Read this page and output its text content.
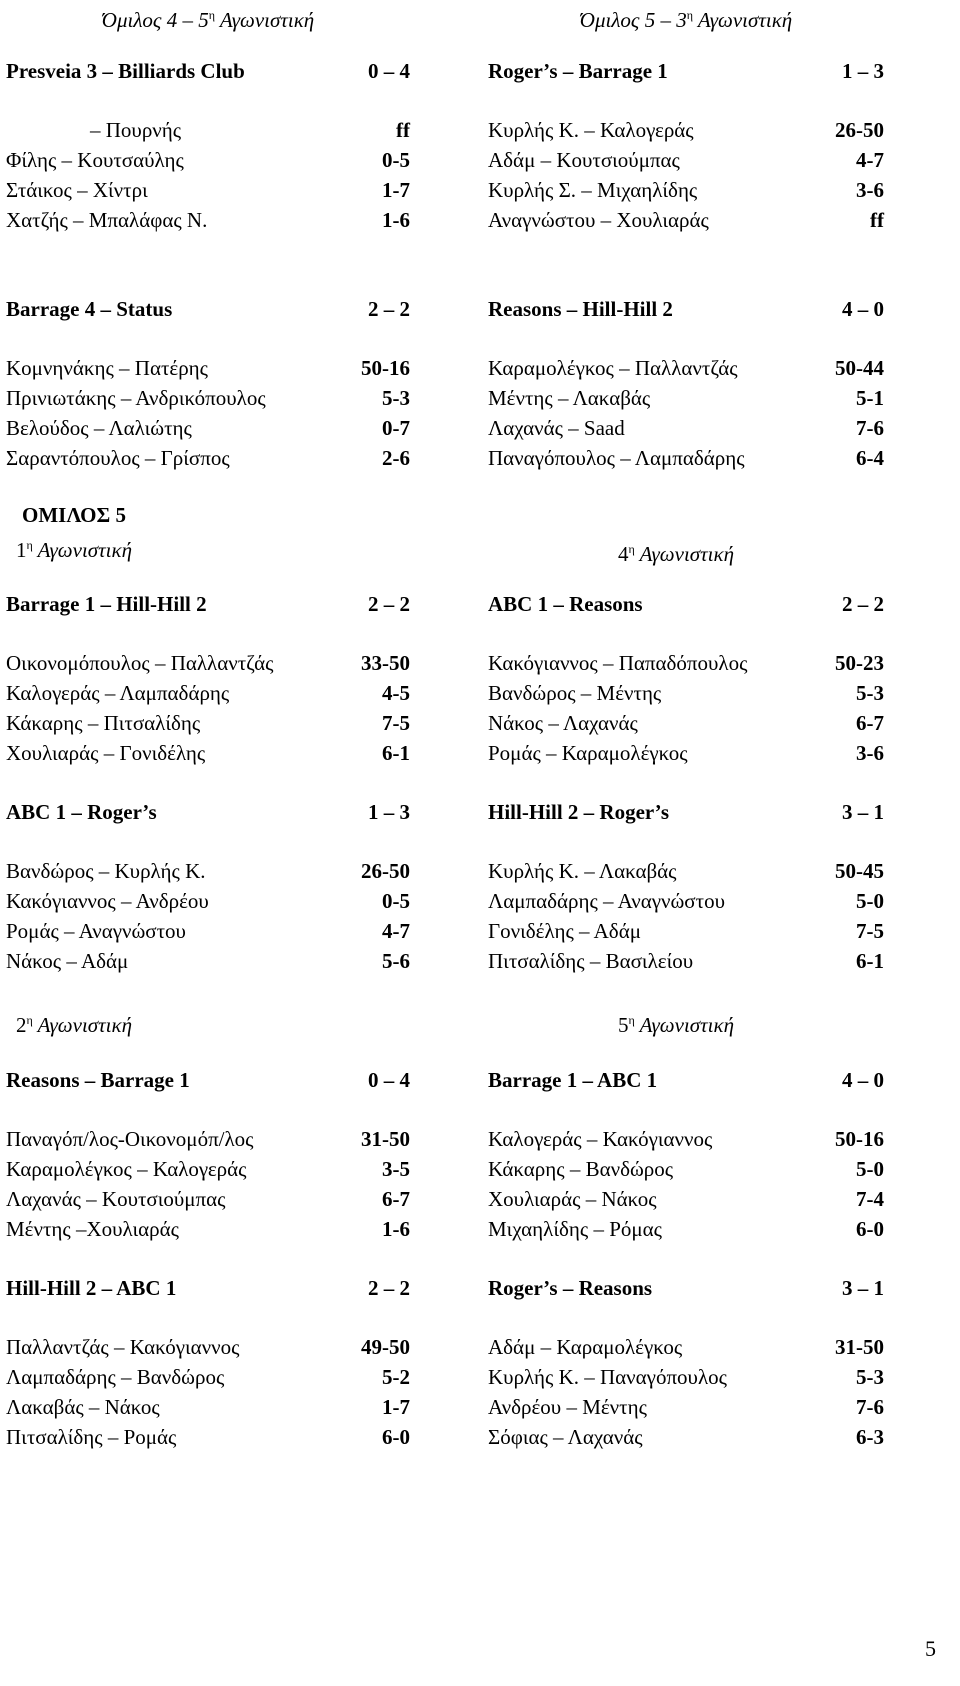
Όμιλος $4 - 5^\eta$ Αγωνιστική
Presveia 3 – Billiards Club	0 – 4
– Πουρνής	ff
Φίλης – Κουτσαύλης	0-5
Στάικος – Χίντρι	1-7
Χατζής – Μπαλάφας Ν.	1-6
Barrage 4 – Status	2 – 2
Κομνηνάκης – Πατέρης	50-16
Πρινιωτάκης – Ανδρικόπουλος	5-3
Βελούδος – Λαλιώτης	0-7
Σαραντόπουλος – Γρίσπος	2-6
ΟΜΙΛΟΣ 5
$1^\eta$ Αγωνιστική
Barrage 1 – Hill-Hill 2	2 – 2
Οικονομόπουλος – Παλλαντζάς	33-50
Καλογεράς – Λαμπαδάρης	4-5
Κάκαρης – Πιτσαλίδης	7-5
Χουλιαράς – Γονιδέλης	6-1
ABC 1 – Roger’s	1 – 3
Βανδώρος – Κυρλής Κ.	26-50
Κακόγιαννος – Ανδρέου	0-5
Ρομάς – Αναγνώστου	4-7
Νάκος – Αδάμ	5-6
$2^\eta$ Αγωνιστική
Reasons – Barrage 1	0 – 4
Παναγόπ/λος-Οικονομόπ/λος	31-50
Καραμολέγκος – Καλογεράς	3-5
Λαχανάς – Κουτσιούμπας	6-7
Μέντης –Χουλιαράς	1-6
Hill-Hill 2 – ABC 1	2 – 2
Παλλαντζάς – Κακόγιαννος	49-50
Λαμπαδάρης – Βανδώρος	5-2
Λακαβάς – Νάκος	1-7
Πιτσαλίδης – Ρομάς	6-0
Όμιλος $5 - 3^\eta$ Αγωνιστική
Roger’s – Barrage 1	1 – 3
Κυρλής Κ. – Καλογεράς	26-50
Αδάμ – Κουτσιούμπας	4-7
Κυρλής Σ. – Μιχαηλίδης	3-6
Αναγνώστου – Χουλιαράς	ff
Reasons – Hill-Hill 2	4 – 0
Καραμολέγκος – Παλλαντζάς	50-44
Μέντης – Λακαβάς	5-1
Λαχανάς – Saad	7-6
Παναγόπουλος – Λαμπαδάρης	6-4
$4^\eta$ Αγωνιστική
ABC 1 – Reasons	2 – 2
Κακόγιαννος – Παπαδόπουλος	50-23
Βανδώρος – Μέντης	5-3
Νάκος – Λαχανάς	6-7
Ρομάς – Καραμολέγκος	3-6
Hill-Hill 2 – Roger’s	3 – 1
Κυρλής Κ. – Λακαβάς	50-45
Λαμπαδάρης – Αναγνώστου	5-0
Γονιδέλης – Αδάμ	7-5
Πιτσαλίδης – Βασιλείου	6-1
$5^\eta$ Αγωνιστική
Barrage 1 – ABC 1	4 – 0
Καλογεράς – Κακόγιαννος	50-16
Κάκαρης – Βανδώρος	5-0
Χουλιαράς – Νάκος	7-4
Μιχαηλίδης – Ρόμας	6-0
Roger’s – Reasons	3 – 1
Αδάμ – Καραμολέγκος	31-50
Κυρλής Κ. – Παναγόπουλος	5-3
Ανδρέου – Μέντης	7-6
Σόφιας – Λαχανάς	6-3
5
